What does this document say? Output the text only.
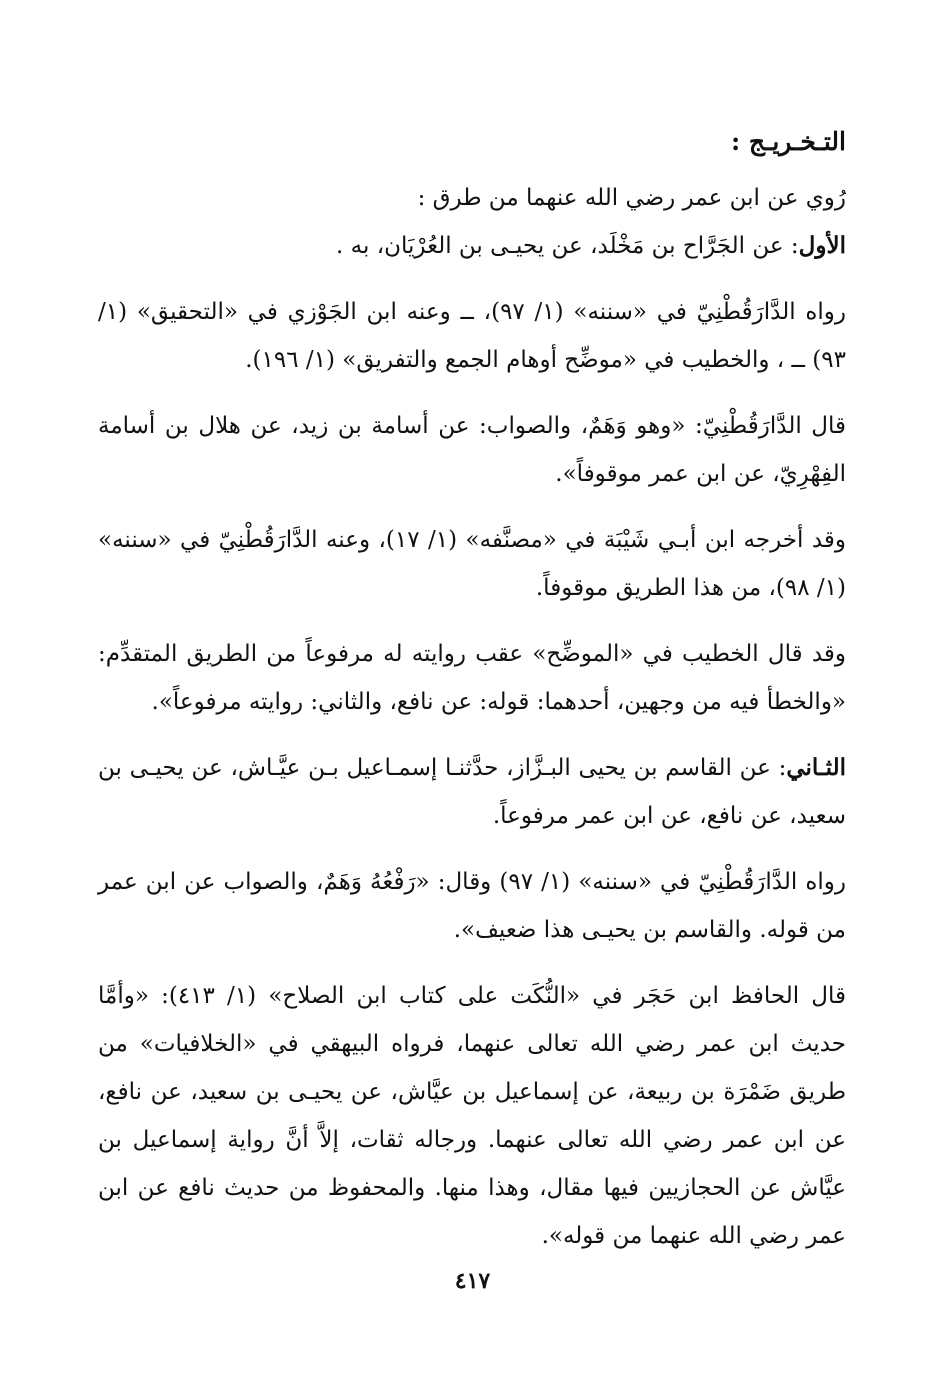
التـخـريـج :

رُوي عن ابن عمر رضي الله عنهما من طرق :

الأول: عن الجَرَّاح بن مَخْلَد، عن يحيـى بن العُرْيَان، به .

رواه الدَّارَقُطْنِيّ في «سننه» (١/ ٩٧)، ــ وعنه ابن الجَوْزي في «التحقيق» (١/ ٩٣) ــ ، والخطيب في «موضِّح أوهام الجمع والتفريق» (١/ ١٩٦).

قال الدَّارَقُطْنِيّ: «وهو وَهَمٌ، والصواب: عن أسامة بن زيد، عن هلال بن أسامة الفِهْرِيّ، عن ابن عمر موقوفاً».

وقد أخرجه ابن أبـي شَيْبَة في «مصنَّفه» (١/ ١٧)، وعنه الدَّارَقُطْنِيّ في «سننه» (١/ ٩٨)، من هذا الطريق موقوفاً.

وقد قال الخطيب في «الموضِّح» عقب روايته له مرفوعاً من الطريق المتقدِّم: «والخطأ فيه من وجهين، أحدهما: قوله: عن نافع، والثاني: روايته مرفوعاً».

الثـاني: عن القاسم بن يحيى البـزَّاز، حدَّثنـا إسمـاعيل بـن عيَّـاش، عن يحيـى بن سعيد، عن نافع، عن ابن عمر مرفوعاً.

رواه الدَّارَقُطْنِيّ في «سننه» (١/ ٩٧) وقال: «رَفْعُهُ وَهَمٌ، والصواب عن ابن عمر من قوله. والقاسم بن يحيـى هذا ضعيف».

قال الحافظ ابن حَجَر في «النُّكَت على كتاب ابن الصلاح» (١/ ٤١٣): «وأمَّا حديث ابن عمر رضي الله تعالى عنهما، فرواه البيهقي في «الخلافيات» من طريق ضَمْرَة بن ربيعة، عن إسماعيل بن عيَّاش، عن يحيـى بن سعيد، عن نافع، عن ابن عمر رضي الله تعالى عنهما. ورجاله ثقات، إلاَّ أنَّ رواية إسماعيل بن عيَّاش عن الحجازيين فيها مقال، وهذا منها. والمحفوظ من حديث نافع عن ابن عمر رضي الله عنهما من قوله».

٤١٧
